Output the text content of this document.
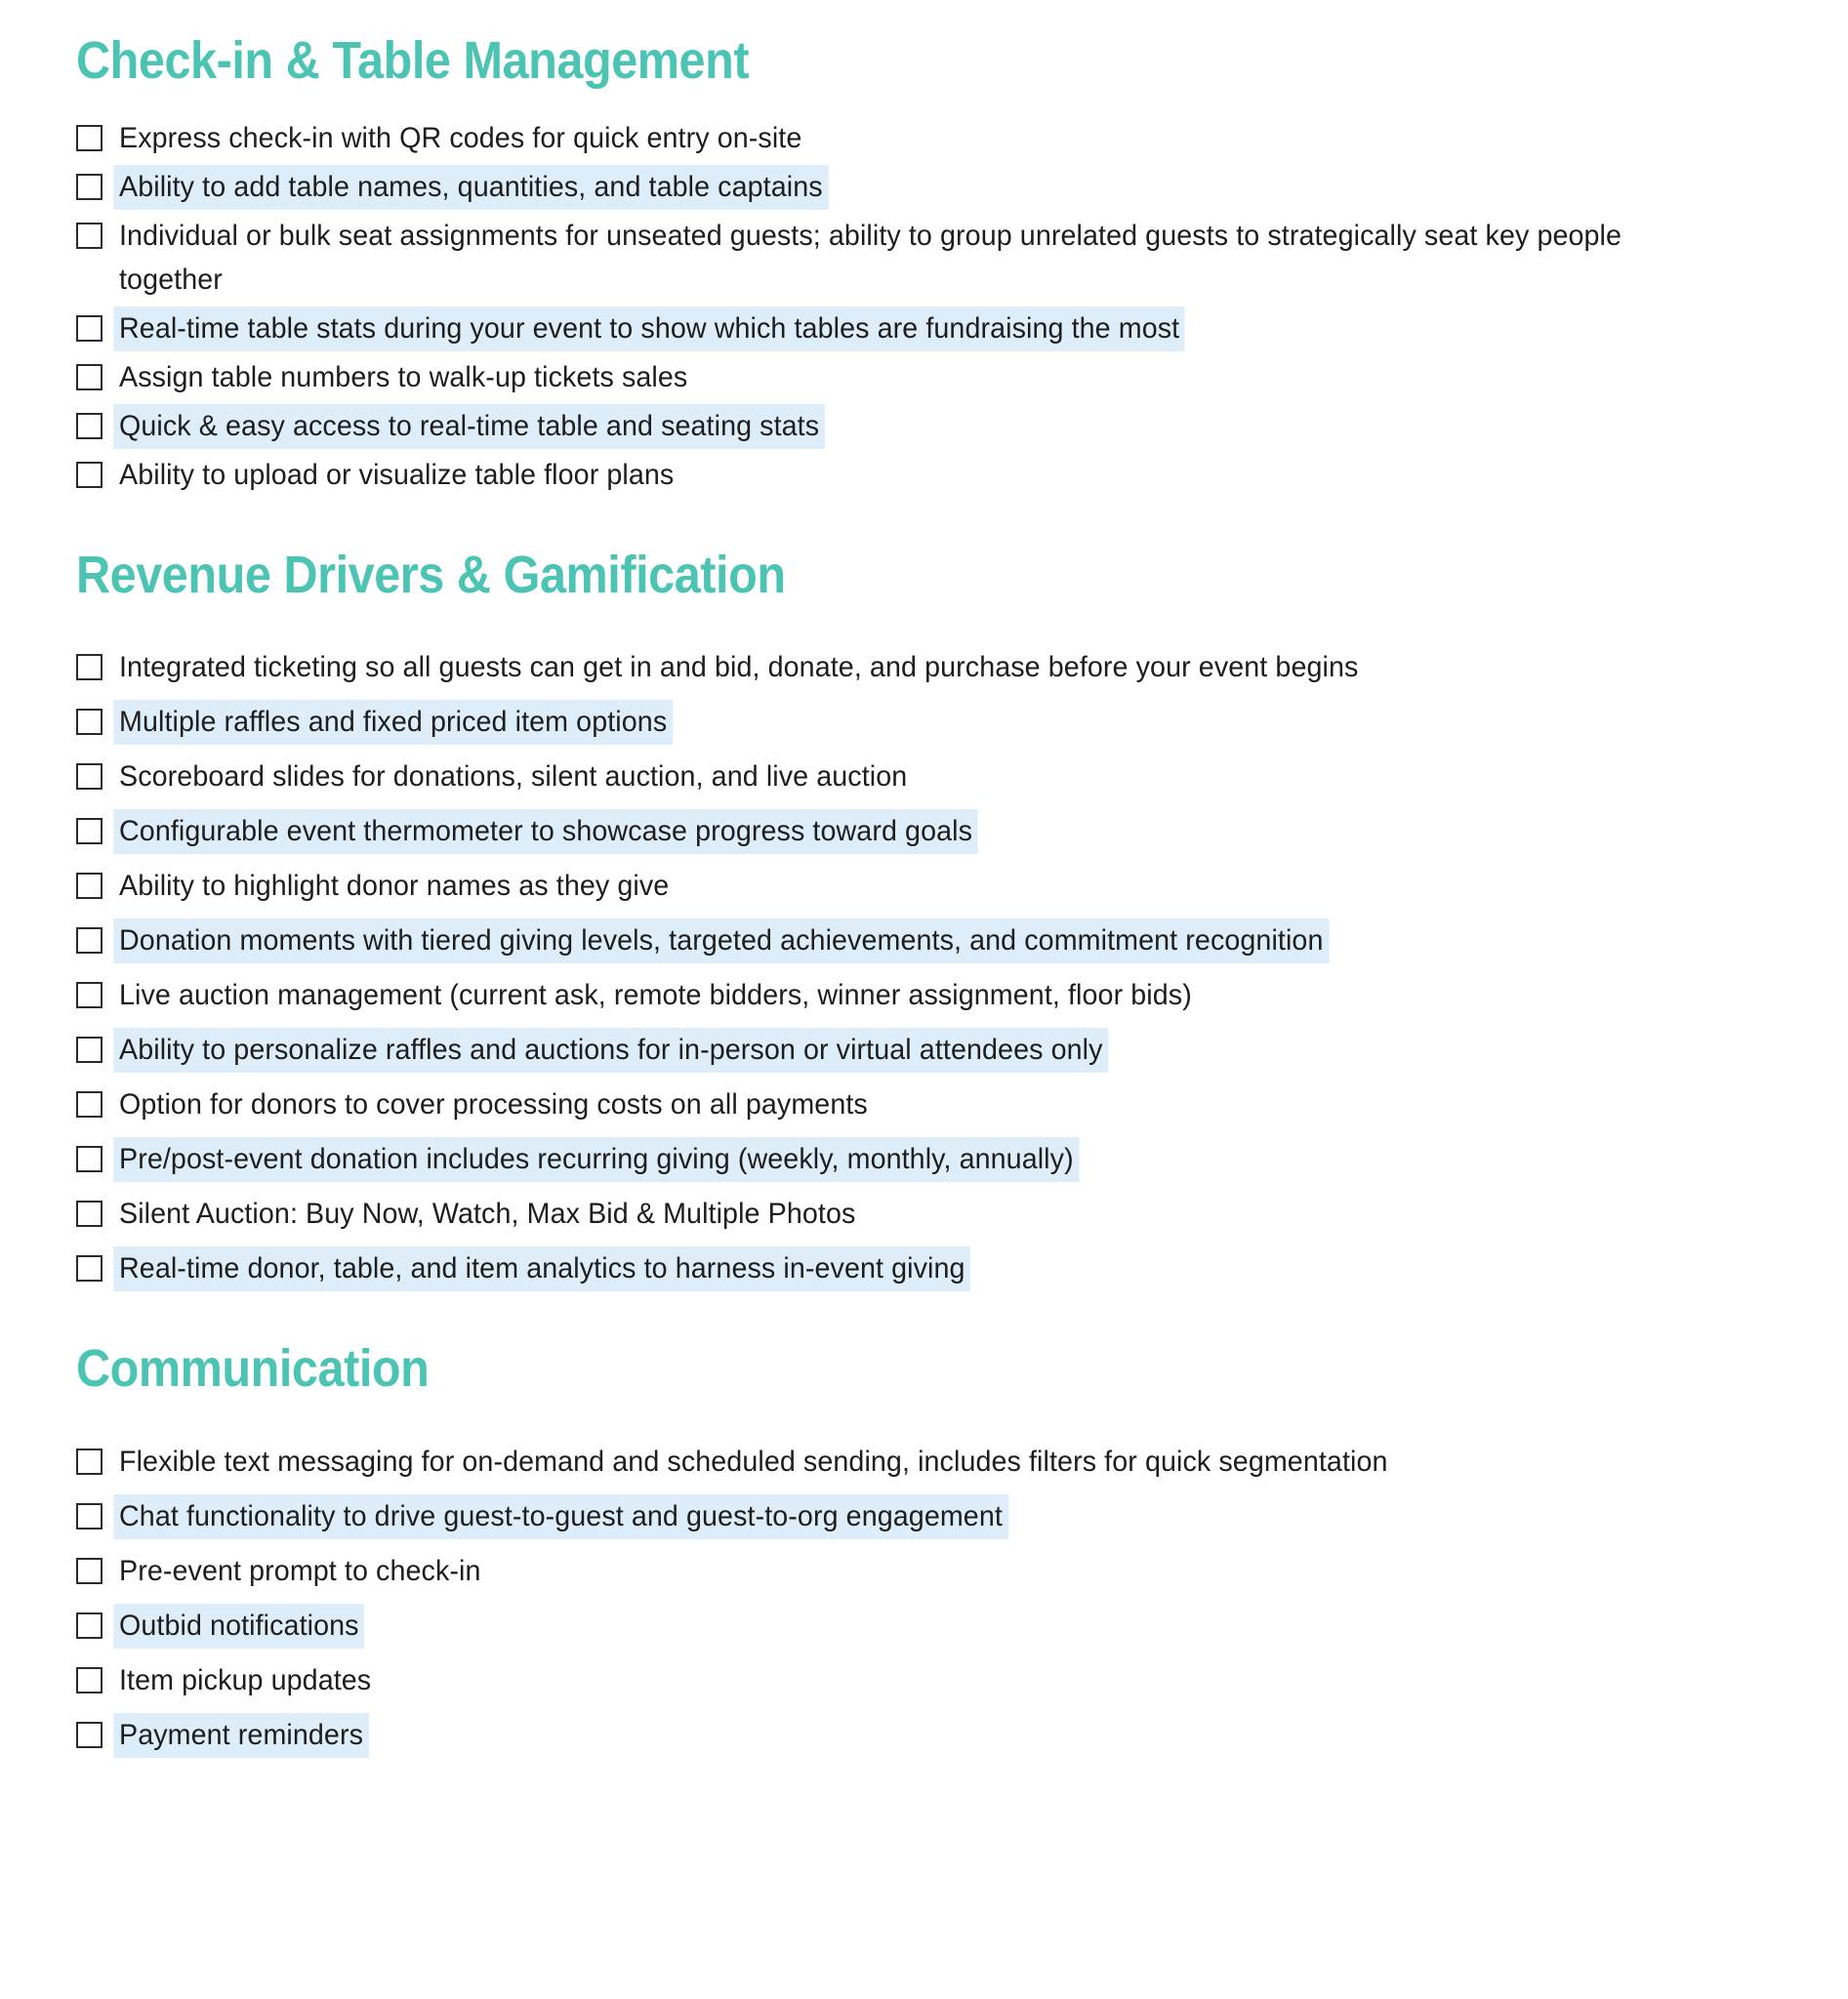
Check-in & Table Management
Express check-in with QR codes for quick entry on-site
Ability to add table names, quantities, and table captains
Individual or bulk seat assignments for unseated guests; ability to group unrelated guests to strategically seat key people together
Real-time table stats during your event to show which tables are fundraising the most
Assign table numbers to walk-up tickets sales
Quick & easy access to real-time table and seating stats
Ability to upload or visualize table floor plans
Revenue Drivers & Gamification
Integrated ticketing so all guests can get in and bid, donate, and purchase before your event begins
Multiple raffles and fixed priced item options
Scoreboard slides for donations, silent auction, and live auction
Configurable event thermometer to showcase progress toward goals
Ability to highlight donor names as they give
Donation moments with tiered giving levels, targeted achievements, and commitment recognition
Live auction management (current ask, remote bidders, winner assignment, floor bids)
Ability to personalize raffles and auctions for in-person or virtual attendees only
Option for donors to cover processing costs on all payments
Pre/post-event donation includes recurring giving (weekly, monthly, annually)
Silent Auction: Buy Now, Watch, Max Bid & Multiple Photos
Real-time donor, table, and item analytics to harness in-event giving
Communication
Flexible text messaging for on-demand and scheduled sending, includes filters for quick segmentation
Chat functionality to drive guest-to-guest and guest-to-org engagement
Pre-event prompt to check-in
Outbid notifications
Item pickup updates
Payment reminders
